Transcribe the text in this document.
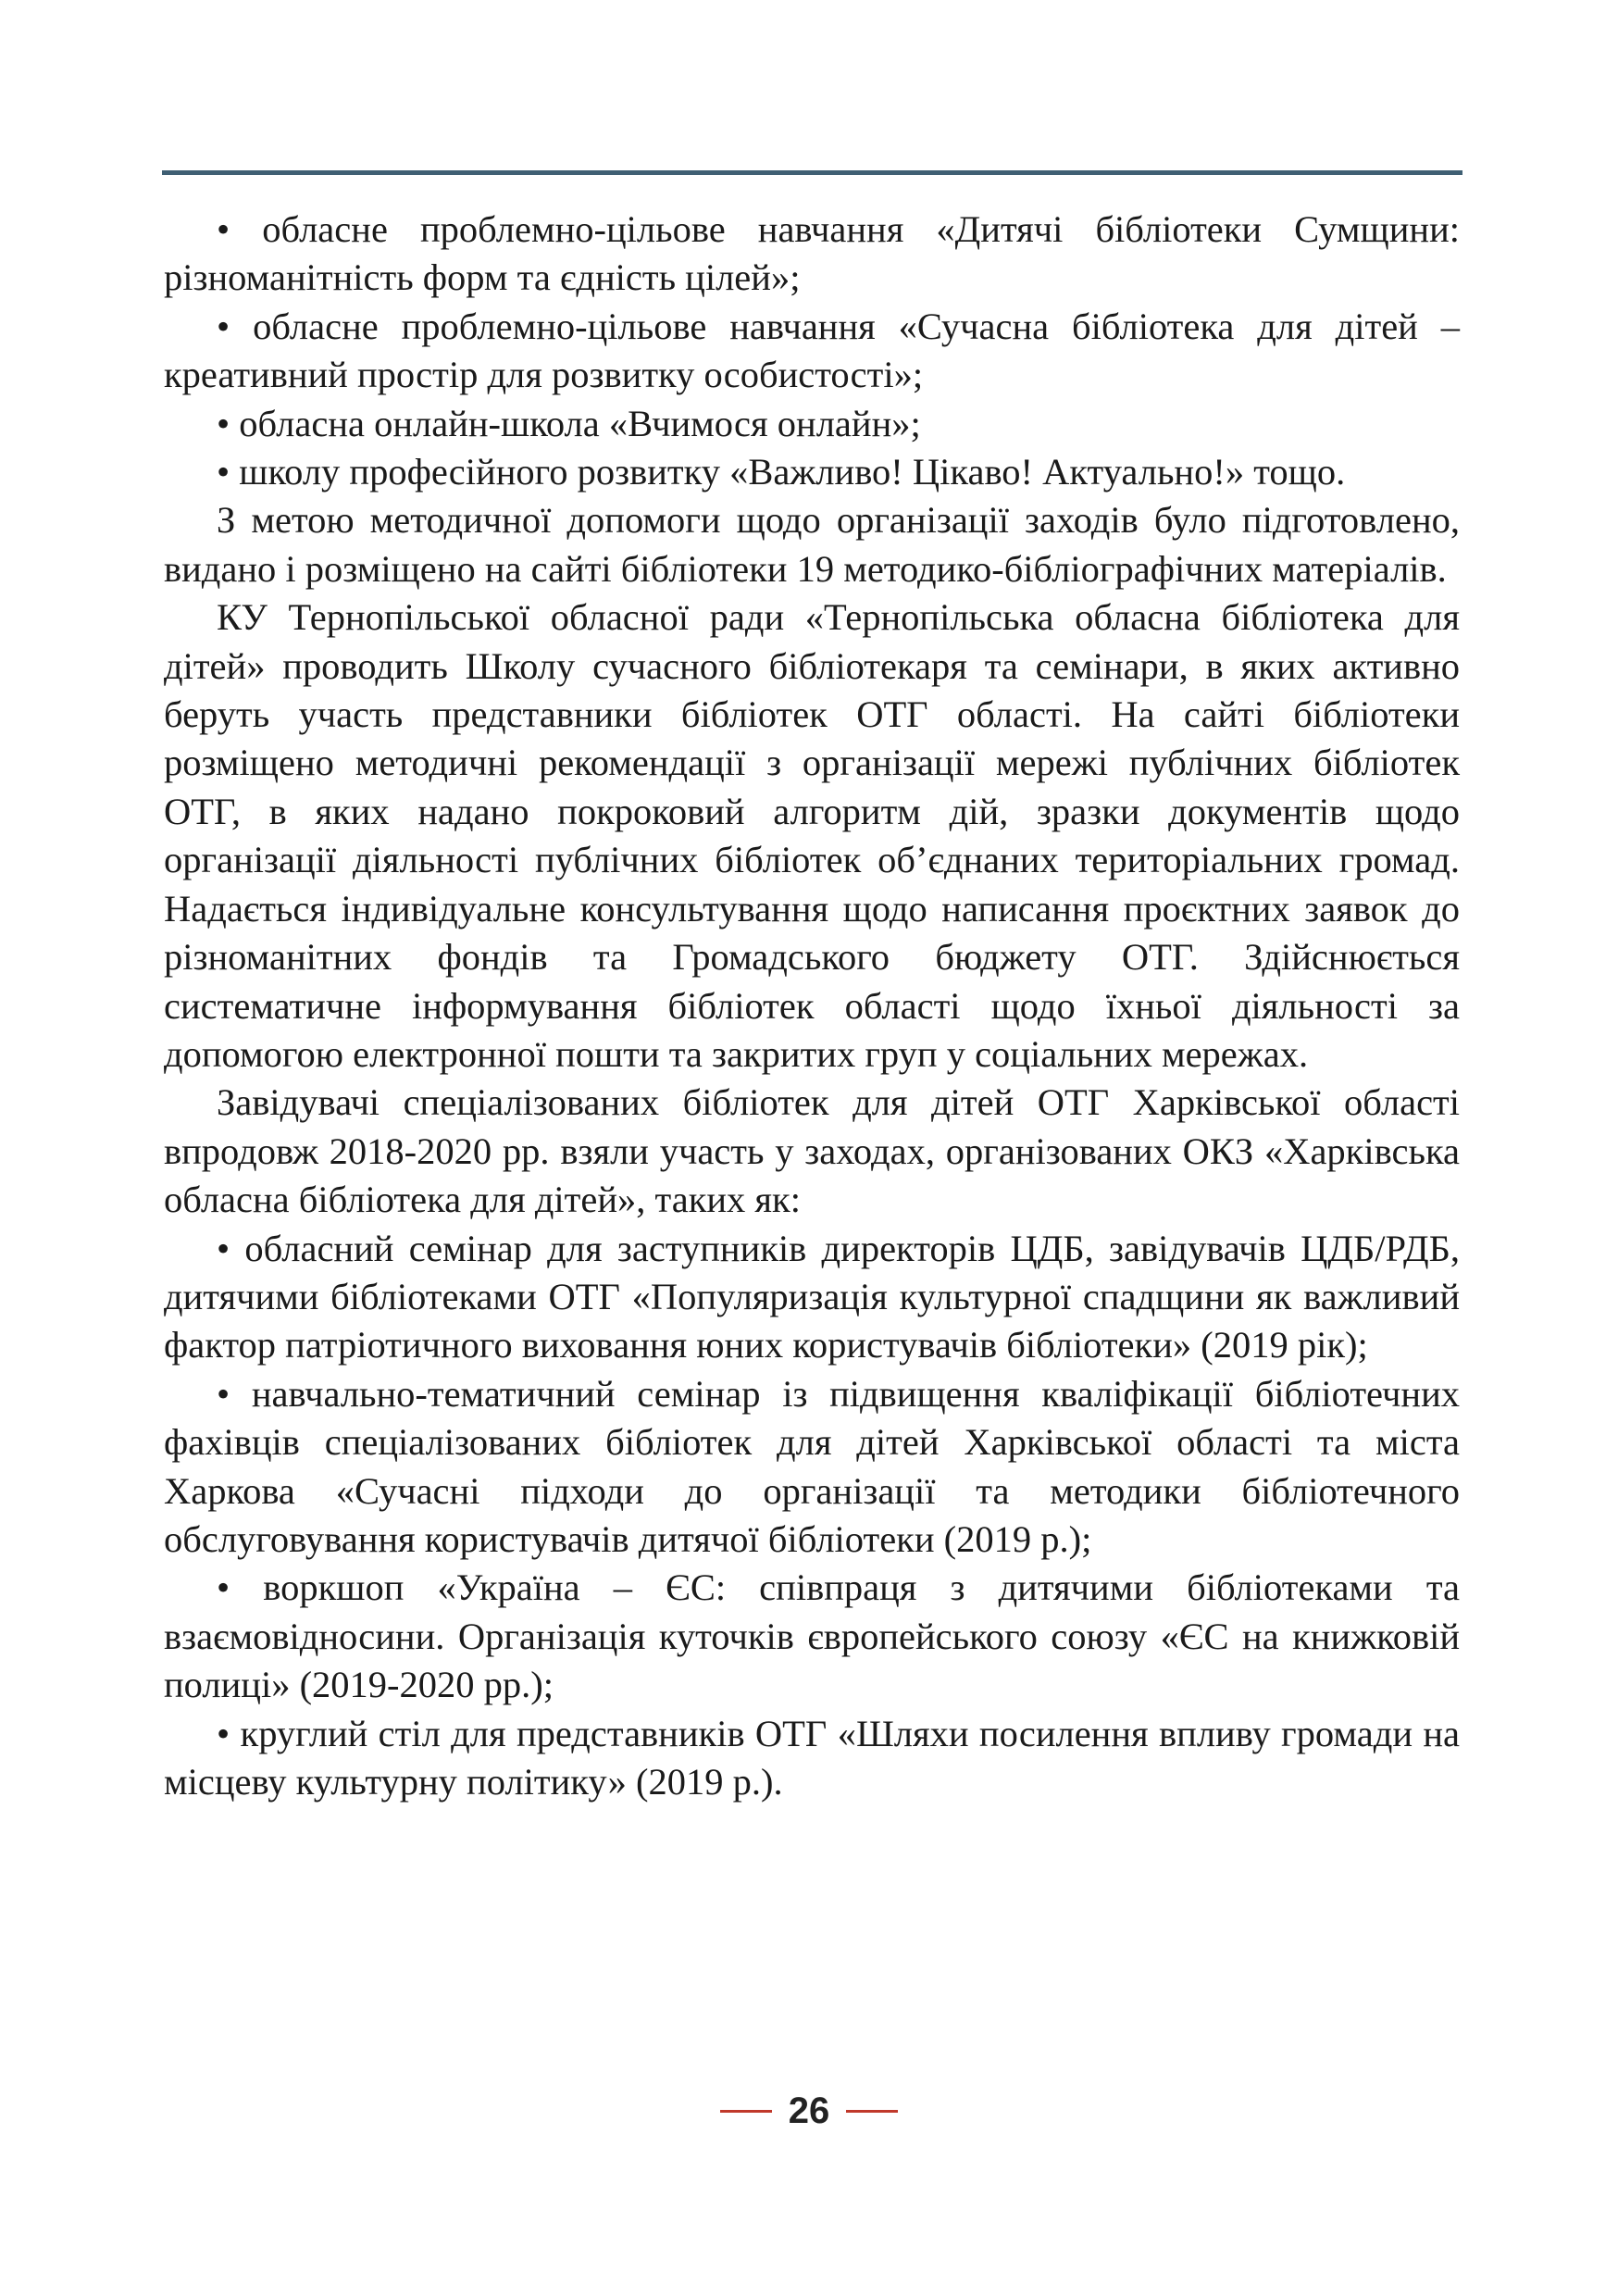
• обласне проблемно-цільове навчання «Дитячі бібліотеки Сумщини: різноманітність форм та єдність цілей»;

• обласне проблемно-цільове навчання «Сучасна бібліотека для дітей – креативний простір для розвитку особистості»;

• обласна онлайн-школа «Вчимося онлайн»;

• школу професійного розвитку «Важливо! Цікаво! Актуально!» тощо.

З метою методичної допомоги щодо організації заходів було підготовлено, видано і розміщено на сайті бібліотеки 19 методико-бібліографічних матеріалів.

КУ Тернопільської обласної ради «Тернопільська обласна бібліотека для дітей» проводить Школу сучасного бібліотекаря та семінари, в яких активно беруть участь представники бібліотек ОТГ області. На сайті бібліотеки розміщено методичні рекомендації з організації мережі публічних бібліотек ОТГ, в яких надано покроковий алгоритм дій, зразки документів щодо організації діяльності публічних бібліотек об’єднаних територіальних громад. Надається індивідуальне консультування щодо написання проєктних заявок до різноманітних фондів та Громадського бюджету ОТГ. Здійснюється систематичне інформування бібліотек області щодо їхньої діяльності за допомогою електронної пошти та закритих груп у соціальних мережах.

Завідувачі спеціалізованих бібліотек для дітей ОТГ Харківської області впродовж 2018-2020 рр. взяли участь у заходах, організованих ОКЗ «Харківська обласна бібліотека для дітей», таких як:

• обласний семінар для заступників директорів ЦДБ, завідувачів ЦДБ/РДБ, дитячими бібліотеками ОТГ «Популяризація культурної спадщини як важливий фактор патріотичного виховання юних користувачів бібліотеки» (2019 рік);

• навчально-тематичний семінар із підвищення кваліфікації бібліотечних фахівців спеціалізованих бібліотек для дітей Харківської області та міста Харкова «Сучасні підходи до організації та методики бібліотечного обслуговування користувачів дитячої бібліотеки (2019 р.);

• воркшоп «Україна – ЄС: співпраця з дитячими бібліотеками та взаємовідносини. Організація куточків європейського союзу «ЄС на книжковій полиці» (2019-2020 рр.);

• круглий стіл для представників ОТГ «Шляхи посилення впливу громади на місцеву культурну політику» (2019 р.).

26
